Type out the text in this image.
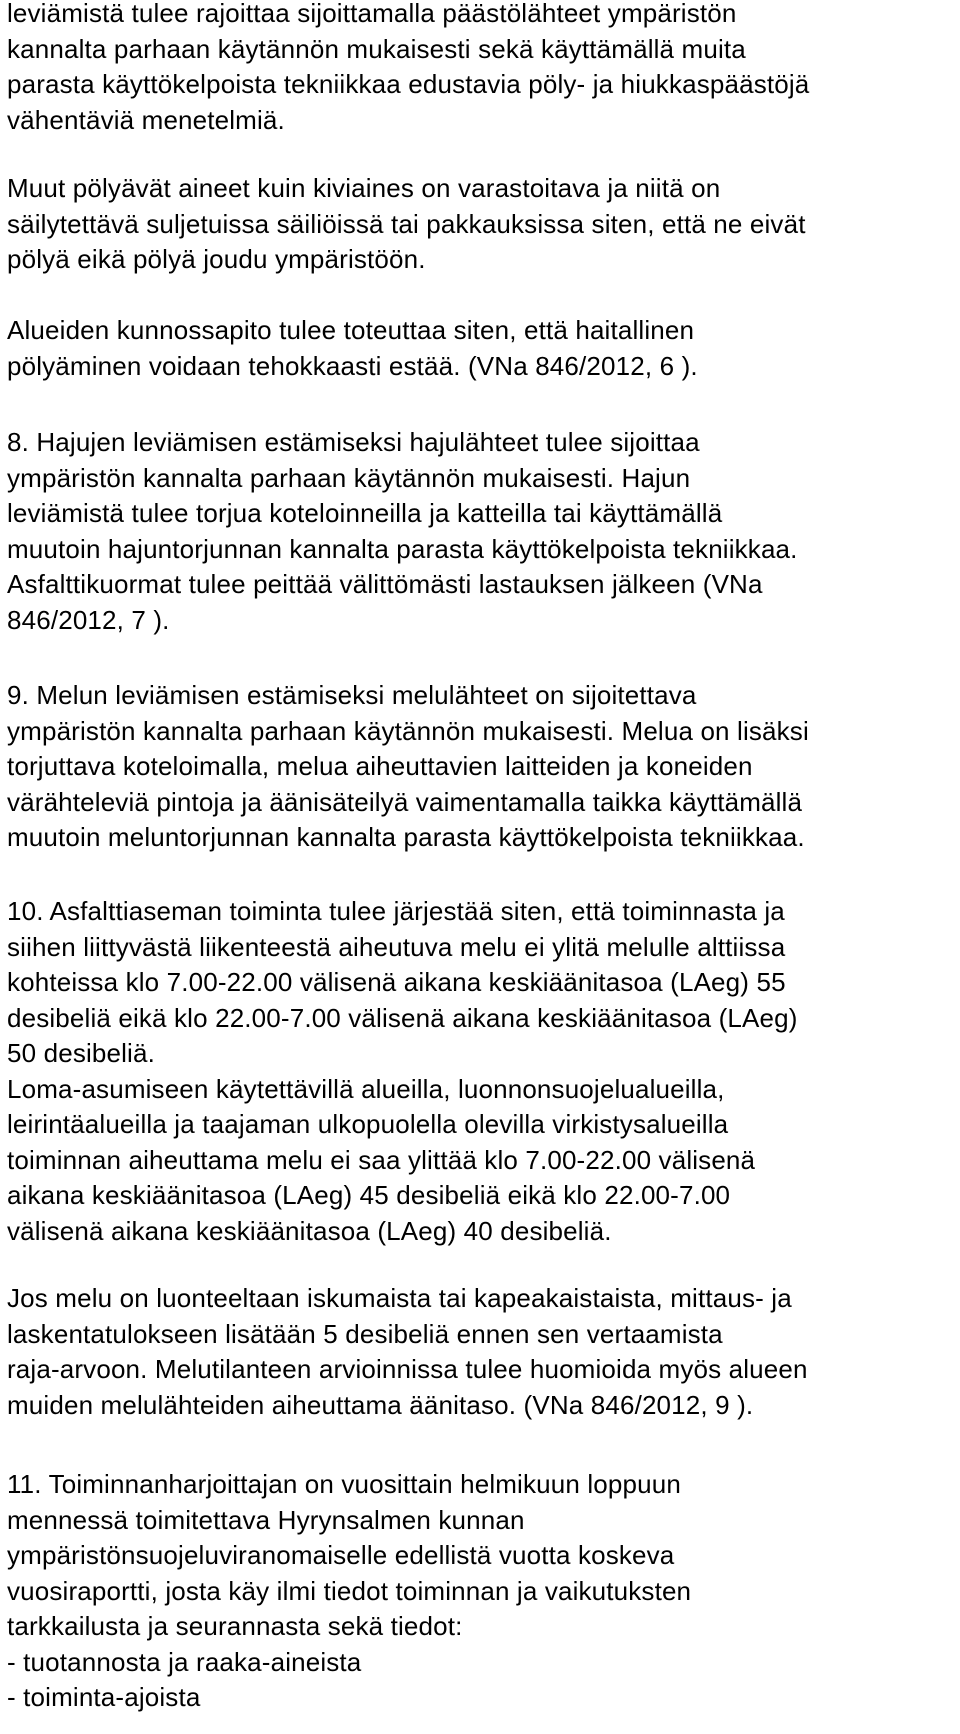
leviämistä tulee rajoittaa sijoittamalla päästölähteet ympäristön
kannalta parhaan käytännön mukaisesti sekä käyttämällä muita
parasta käyttökelpoista tekniikkaa edustavia pöly- ja hiukkaspäästöjä
vähentäviä menetelmiä.
Muut pölyävät aineet kuin kiviaines on varastoitava ja niitä on
säilytettävä suljetuissa säiliöissä tai pakkauksissa siten, että ne eivät
pölyä eikä pölyä joudu ympäristöön.
Alueiden kunnossapito tulee toteuttaa siten, että haitallinen
pölyäminen voidaan tehokkaasti estää. (VNa 846/2012, 6 ⁠).
8. Hajujen leviämisen estämiseksi hajulähteet tulee sijoittaa
ympäristön kannalta parhaan käytännön mukaisesti. Hajun
leviämistä tulee torjua koteloinneilla ja katteilla tai käyttämällä
muutoin hajuntorjunnan kannalta parasta käyttökelpoista tekniikkaa.
Asfalttikuormat tulee peittää välittömästi lastauksen jälkeen (VNa
846/2012, 7 ⁠).
9. Melun leviämisen estämiseksi melulähteet on sijoitettava
ympäristön kannalta parhaan käytännön mukaisesti. Melua on lisäksi
torjuttava koteloimalla, melua aiheuttavien laitteiden ja koneiden
värähteleviä pintoja ja äänisäteilyä vaimentamalla taikka käyttämällä
muutoin meluntorjunnan kannalta parasta käyttökelpoista tekniikkaa.
10. Asfalttiaseman toiminta tulee järjestää siten, että toiminnasta ja
siihen liittyvästä liikenteestä aiheutuva melu ei ylitä melulle alttiissa
kohteissa klo 7.00-22.00 välisenä aikana keskiäänitasoa (LAeg) 55
desibeliä eikä klo 22.00-7.00 välisenä aikana keskiäänitasoa (LAeg)
50 desibeliä.
Loma-asumiseen käytettävillä alueilla, luonnonsuojelualueilla,
leirintäalueilla ja taajaman ulkopuolella olevilla virkistysalueilla
toiminnan aiheuttama melu ei saa ylittää klo 7.00-22.00 välisenä
aikana keskiäänitasoa (LAeg) 45 desibeliä eikä klo 22.00-7.00
välisenä aikana keskiäänitasoa (LAeg) 40 desibeliä.
Jos melu on luonteeltaan iskumaista tai kapeakaistaista, mittaus- ja
laskentatulokseen lisätään 5 desibeliä ennen sen vertaamista
raja-arvoon. Melutilanteen arvioinnissa tulee huomioida myös alueen
muiden melulähteiden aiheuttama äänitaso. (VNa 846/2012, 9 ⁠).
11. Toiminnanharjoittajan on vuosittain helmikuun loppuun
mennessä toimitettava Hyrynsalmen kunnan
ympäristönsuojeluviranomaiselle edellistä vuotta koskeva
vuosiraportti, josta käy ilmi tiedot toiminnan ja vaikutuksten
tarkkailusta ja seurannasta sekä tiedot:
- tuotannosta ja raaka-aineista
- toiminta-ajoista
